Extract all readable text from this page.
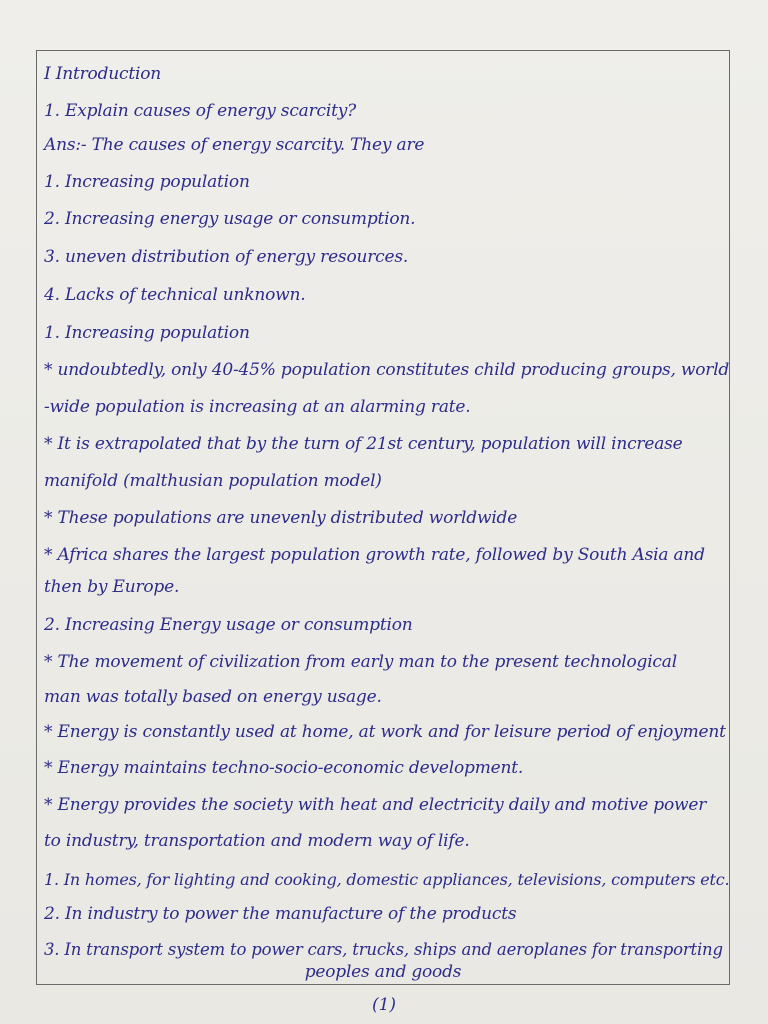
I Introduction
1. Explain causes of energy scarcity?
Ans:- The causes of energy scarcity. They are
1. Increasing population
2. Increasing energy usage or consumption.
3. uneven distribution of energy resources.
4. Lacks of technical unknown.
1. Increasing population
* undoubtedly, only 40-45% population constitutes child producing groups, world
-wide population is increasing at an alarming rate.
* It is extrapolated that by the turn of 21st century, population will increase
manifold (malthusian population model)
* These populations are unevenly distributed worldwide
* Africa shares the largest population growth rate, followed by South Asia and
then by Europe.
2. Increasing Energy usage or consumption
* The movement of civilization from early man to the present technological
man was totally based on energy usage.
* Energy is constantly used at home, at work and for leisure period of enjoyment
* Energy maintains techno-socio-economic development.
* Energy provides the society with heat and electricity daily and motive power
to industry, transportation and modern way of life.
1. In homes, for lighting and cooking, domestic appliances, televisions, computers etc.
2. In industry to power the manufacture of the products
3. In transport system to power cars, trucks, ships and aeroplanes for transporting
peoples and goods
(1)
